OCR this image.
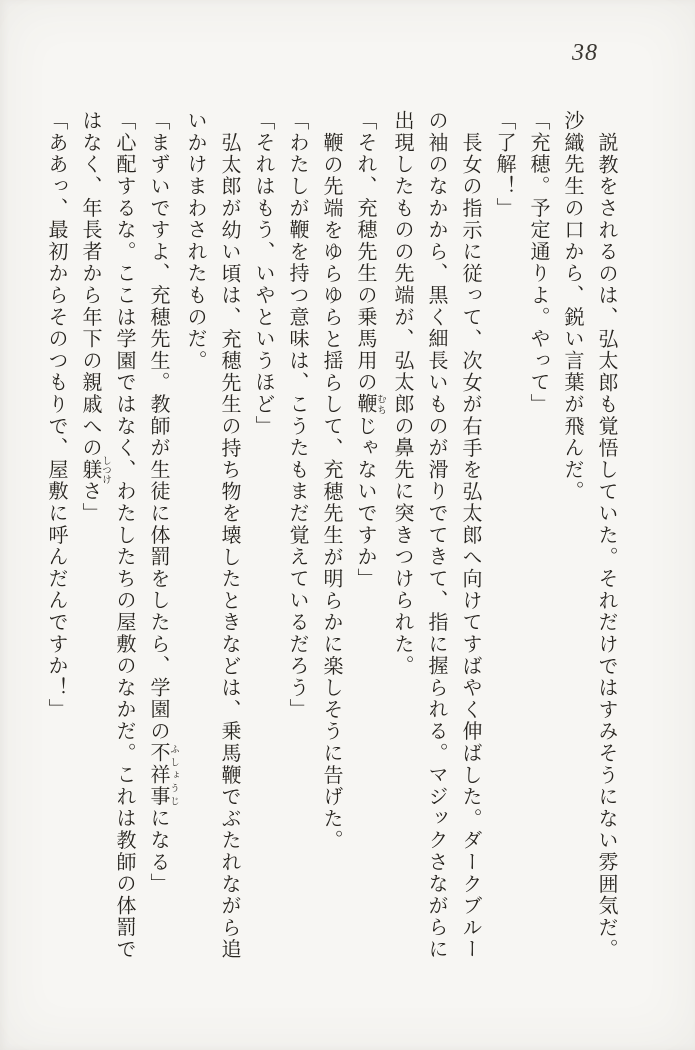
38

説教をされるのは、弘太郎も覚悟していた。それだけではすみそうにない雰囲気だ。沙織先生の口から、鋭い言葉が飛んだ。

「充穂。予定通りよ。やって」

「了解！」

長女の指示に従って、次女が右手を弘太郎へ向けてすばやく伸ばした。ダークブルーの袖のなかから、黒く細長いものが滑りでてきて、指に握られる。マジックさながらに出現したものの先端が、弘太郎の鼻先に突きつけられた。

「それ、充穂先生の乗馬用の鞭 むちじゃないですか」

鞭の先端をゆらゆらと揺らして、充穂先生が明らかに楽しそうに告げた。

「わたしが鞭を持つ意味は、こうたもまだ覚えているだろう」

「それはもう、いやというほど」

弘太郎が幼い頃は、充穂先生の持ち物を壊したときなどは、乗馬鞭でぶたれながら追いかけまわされたものだ。

「まずいですよ、充穂先生。教師が生徒に体罰をしたら、学園の不祥事 ふしょうじになる」

「心配するな。ここは学園ではなく、わたしたちの屋敷のなかだ。これは教師の体罰ではなく、年長者から年下の親戚への躾 しつけさ」

「ああっ、最初からそのつもりで、屋敷に呼んだんですか！」
